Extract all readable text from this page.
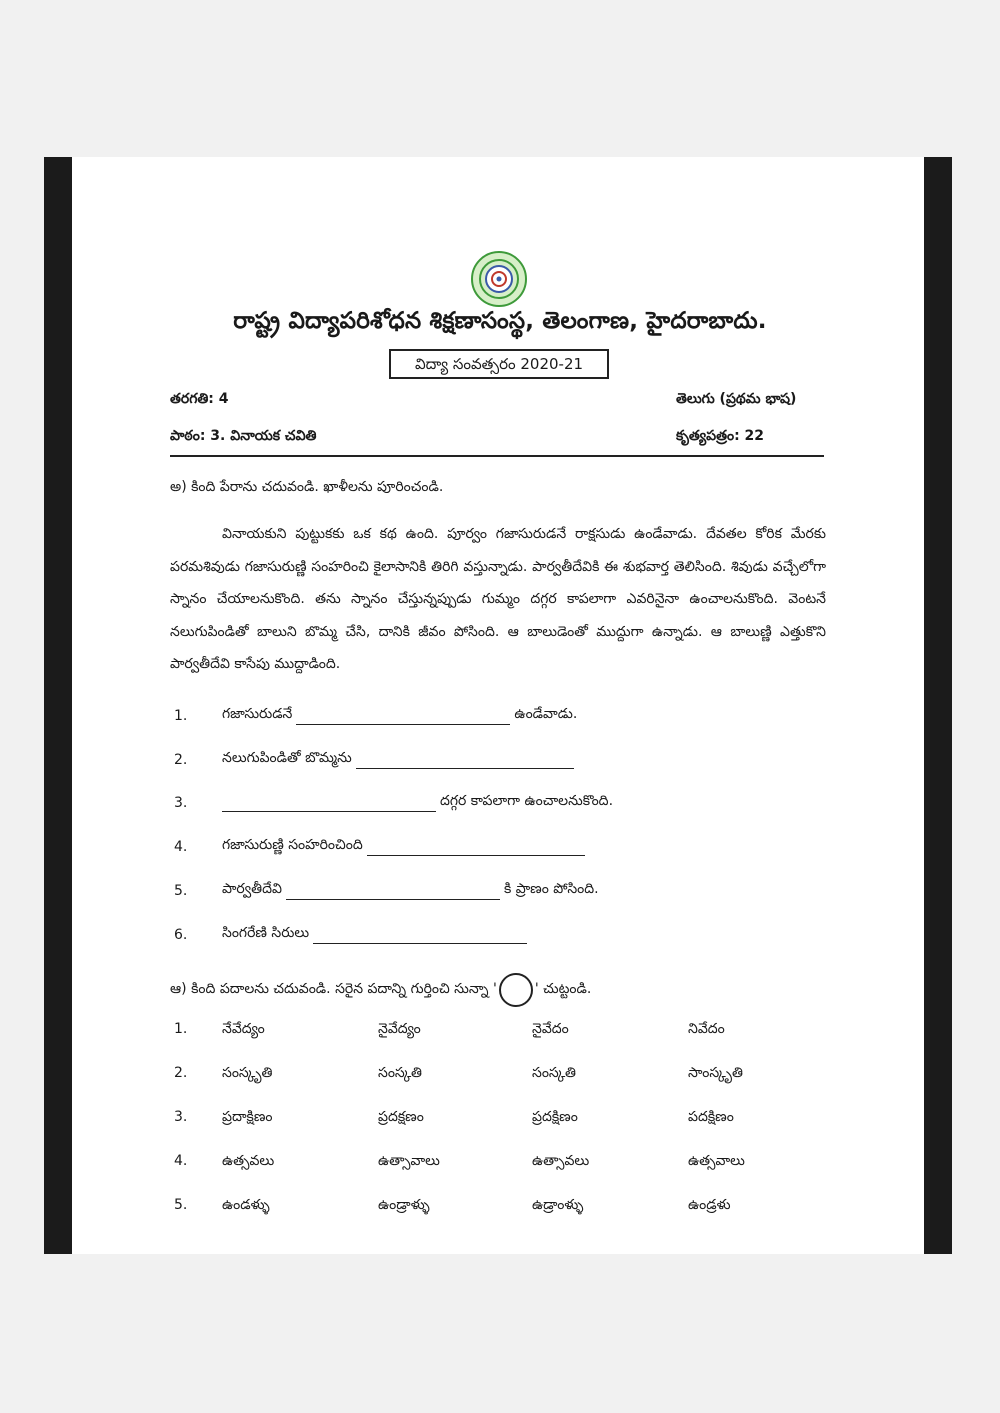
రాష్ట్ర విద్యాపరిశోధన శిక్షణాసంస్థ, తెలంగాణ, హైదరాబాదు.
విద్యా సంవత్సరం 2020-21
తరగతి: 4	తెలుగు (ప్రథమ భాష)
పాఠం: 3. వినాయక చవితి	కృత్యపత్రం: 22
అ) కింది పేరాను చదువండి. ఖాళీలను పూరించండి.
వినాయకుని పుట్టుకకు ఒక కథ ఉంది. పూర్వం గజాసురుడనే రాక్షసుడు ఉండేవాడు. దేవతల కోరిక మేరకు పరమశివుడు గజాసురుణ్ణి సంహరించి కైలాసానికి తిరిగి వస్తున్నాడు. పార్వతీదేవికి ఈ శుభవార్త తెలిసింది. శివుడు వచ్చేలోగా స్నానం చేయాలనుకొంది. తను స్నానం చేస్తున్నప్పుడు గుమ్మం దగ్గర కాపలాగా ఎవరినైనా ఉంచాలనుకొంది. వెంటనే నలుగుపిండితో బాలుని బొమ్మ చేసి, దానికి జీవం పోసింది. ఆ బాలుడెంతో ముద్దుగా ఉన్నాడు. ఆ బాలుణ్ణి ఎత్తుకొని పార్వతీదేవి కాసేపు ముద్దాడింది.
1. గజాసురుడనే	ఉండేవాడు.
2. నలుగుపిండితో బొమ్మను
3.	దగ్గర కాపలాగా ఉంచాలనుకొంది.
4. గజాసురుణ్ణి సంహరించింది
5. పార్వతీదేవి	కి ప్రాణం పోసింది.
6. సింగరేణి సిరులు
ఆ) కింది పదాలను చదువండి. సరైన పదాన్ని గుర్తించి సున్నా '	' చుట్టండి.
1. నేవేద్యం	నైవేద్యం	నైవేదం	నివేదం
2. సంస్కృతి	సంస్కతి	సంస్కతి	సాంస్కృతి
3. ప్రదాక్షిణం	ప్రదక్షణం	ప్రదక్షిణం	పదక్షిణం
4. ఉత్సవలు	ఉత్సావాలు	ఉత్సావలు	ఉత్సవాలు
5. ఉండళ్ళు	ఉండ్రాళ్ళు	ఉడ్రాంళ్ళు	ఉండ్రళు
